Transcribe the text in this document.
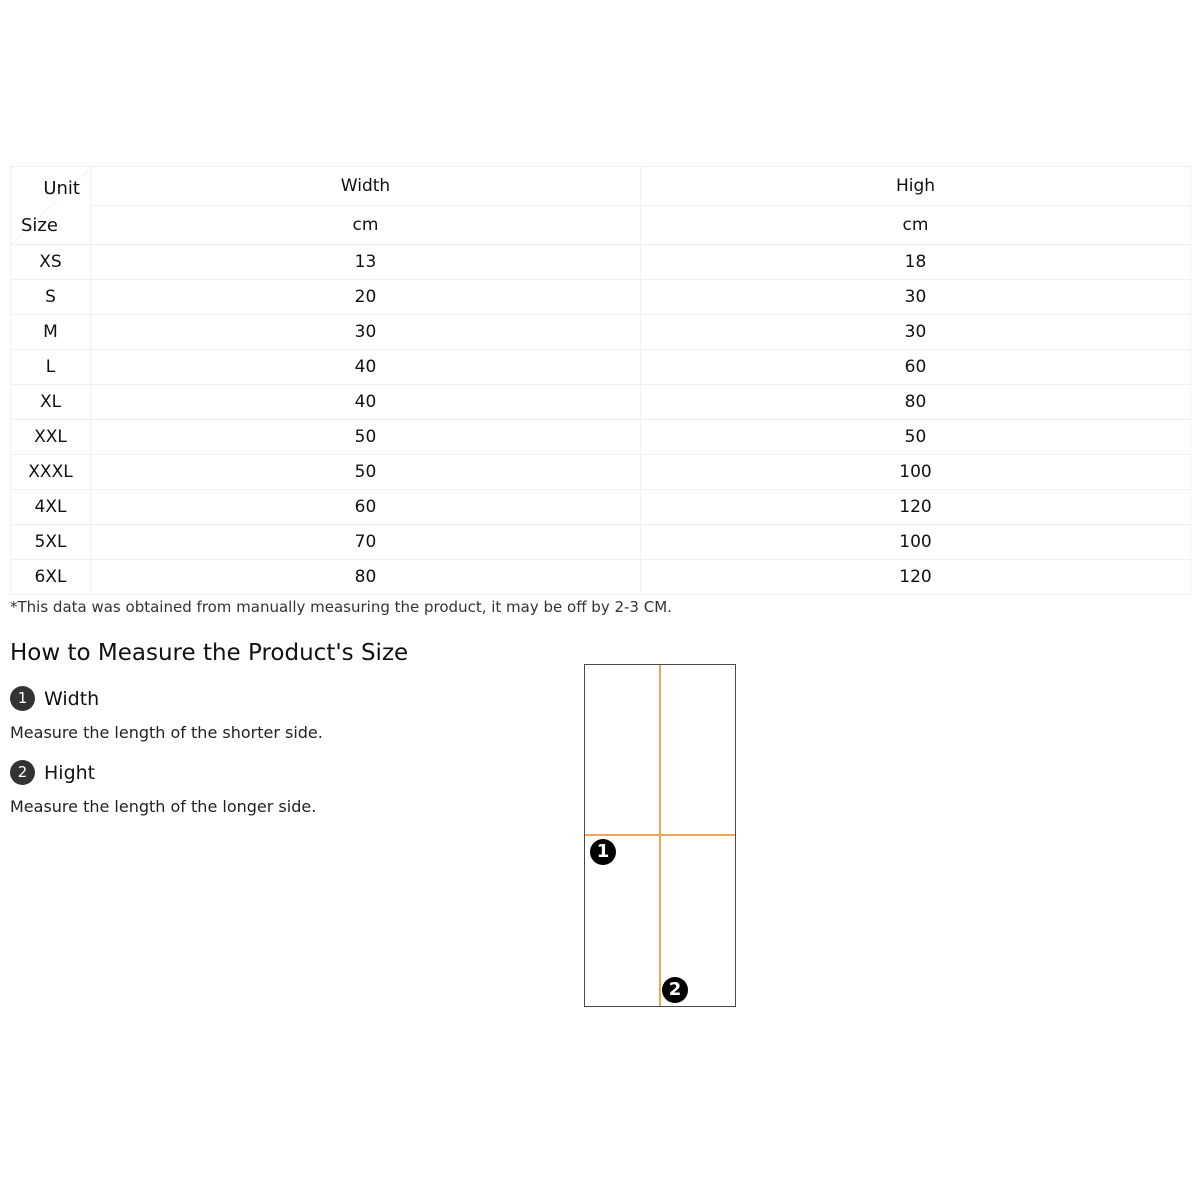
Unit
Size	Width	High
	cm	cm
XS	13	18
S	20	30
M	30	30
L	40	60
XL	40	80
XXL	50	50
XXXL	50	100
4XL	60	120
5XL	70	100
6XL	80	120
*This data was obtained from manually measuring the product, it may be off by 2-3 CM.
How to Measure the Product's Size
1 Width
Measure the length of the shorter side.
2 Hight
Measure the length of the longer side.
1
2
